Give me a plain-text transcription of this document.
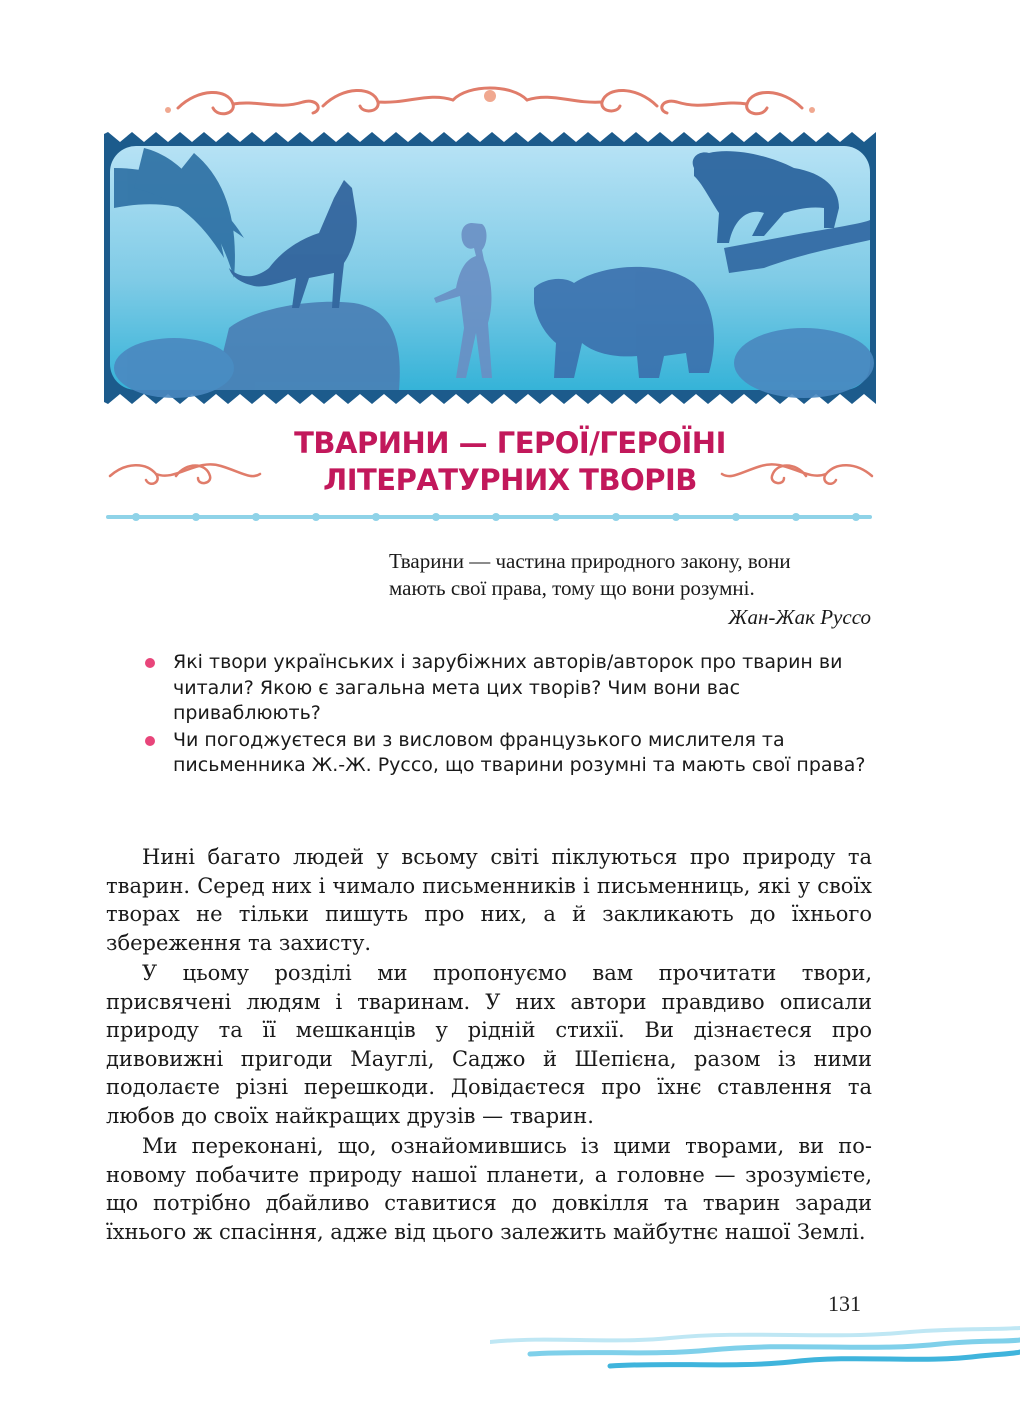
ТВАРИНИ — ГЕРОЇ/ГЕРОЇНІ
ЛІТЕРАТУРНИХ ТВОРІВ
Тварини — частина природного закону, вони
мають свої права, тому що вони розумні.
Жан-Жак Руссо
Які твори українських і зарубіжних авторів/авторок про тварин ви читали? Якою є загальна мета цих творів? Чим вони вас приваблюють?
Чи погоджуєтеся ви з висловом французького мислителя та письменника Ж.-Ж. Руссо, що тварини розумні та мають свої права?

Нині багато людей у всьому світі піклуються про природу та тварин. Серед них і чимало письменників і письменниць, які у своїх творах не тільки пишуть про них, а й закликають до їхнього збереження та захисту.

У цьому розділі ми пропонуємо вам прочитати твори, присвячені людям і тваринам. У них автори правдиво описали природу та її мешканців у рідній стихії. Ви дізнаєтеся про дивовижні пригоди Мауглі, Саджо й Шепієна, разом із ними подолаєте різні перешкоди. Довідаєтеся про їхнє ставлення та любов до своїх найкращих друзів — тварин.

Ми переконані, що, ознайомившись із цими творами, ви по-новому побачите природу нашої планети, а головне — зрозумієте, що потрібно дбайливо ставитися до довкілля та тварин заради їхнього ж спасіння, адже від цього залежить майбутнє нашої Землі.

131
